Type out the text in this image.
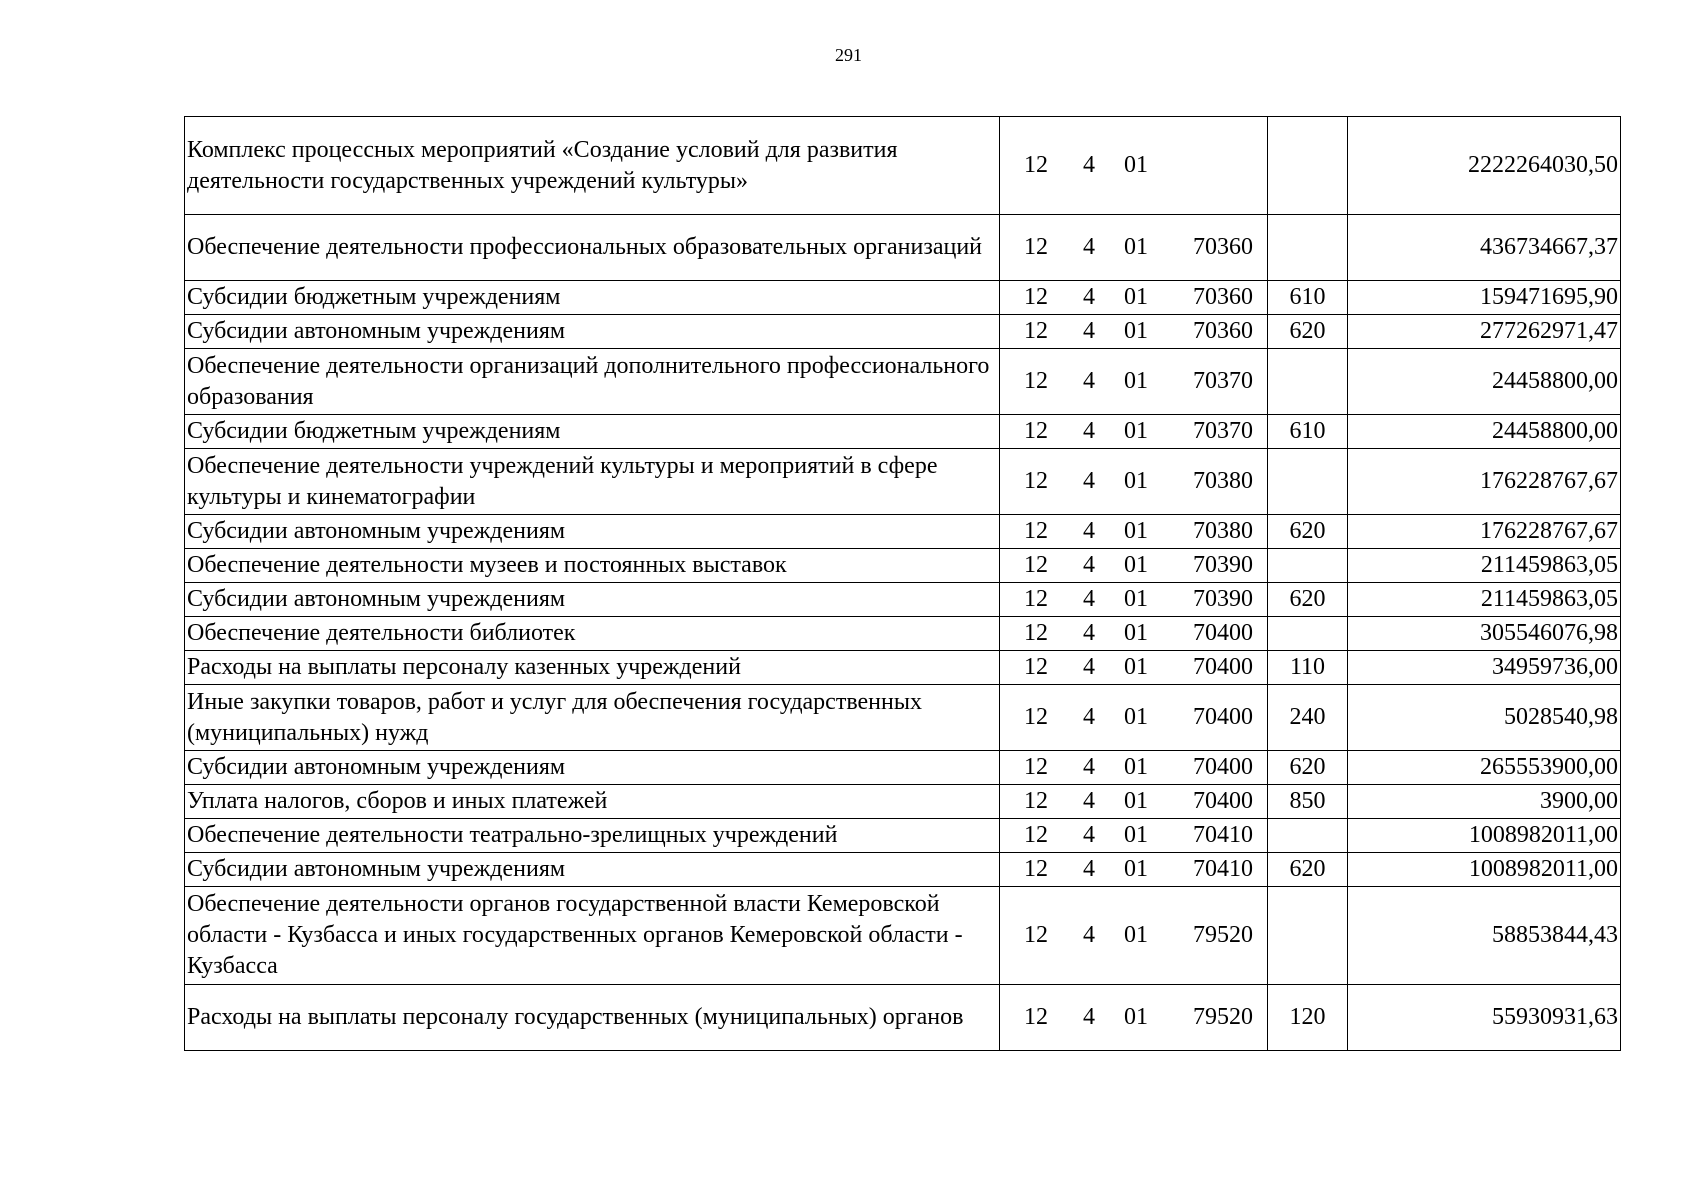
291
Комплекс процессных мероприятий «Создание условий для развития деятельности государственных учреждений культуры»	12 4 01		2222264030,50
Обеспечение деятельности профессиональных образовательных организаций	12 4 01 70360		436734667,37
Субсидии бюджетным учреждениям	12 4 01 70360	610	159471695,90
Субсидии автономным учреждениям	12 4 01 70360	620	277262971,47
Обеспечение деятельности организаций дополнительного профессионального образования	12 4 01 70370		24458800,00
Субсидии бюджетным учреждениям	12 4 01 70370	610	24458800,00
Обеспечение деятельности учреждений культуры и мероприятий в сфере культуры и кинематографии	12 4 01 70380		176228767,67
Субсидии автономным учреждениям	12 4 01 70380	620	176228767,67
Обеспечение деятельности музеев и постоянных выставок	12 4 01 70390		211459863,05
Субсидии автономным учреждениям	12 4 01 70390	620	211459863,05
Обеспечение деятельности библиотек	12 4 01 70400		305546076,98
Расходы на выплаты персоналу казенных учреждений	12 4 01 70400	110	34959736,00
Иные закупки товаров, работ и услуг для обеспечения государственных (муниципальных) нужд	12 4 01 70400	240	5028540,98
Субсидии автономным учреждениям	12 4 01 70400	620	265553900,00
Уплата налогов, сборов и иных платежей	12 4 01 70400	850	3900,00
Обеспечение деятельности театрально-зрелищных учреждений	12 4 01 70410		1008982011,00
Субсидии автономным учреждениям	12 4 01 70410	620	1008982011,00
Обеспечение деятельности органов государственной власти Кемеровской области - Кузбасса и иных государственных органов Кемеровской области - Кузбасса	12 4 01 79520		58853844,43
Расходы на выплаты персоналу государственных (муниципальных) органов	12 4 01 79520	120	55930931,63
